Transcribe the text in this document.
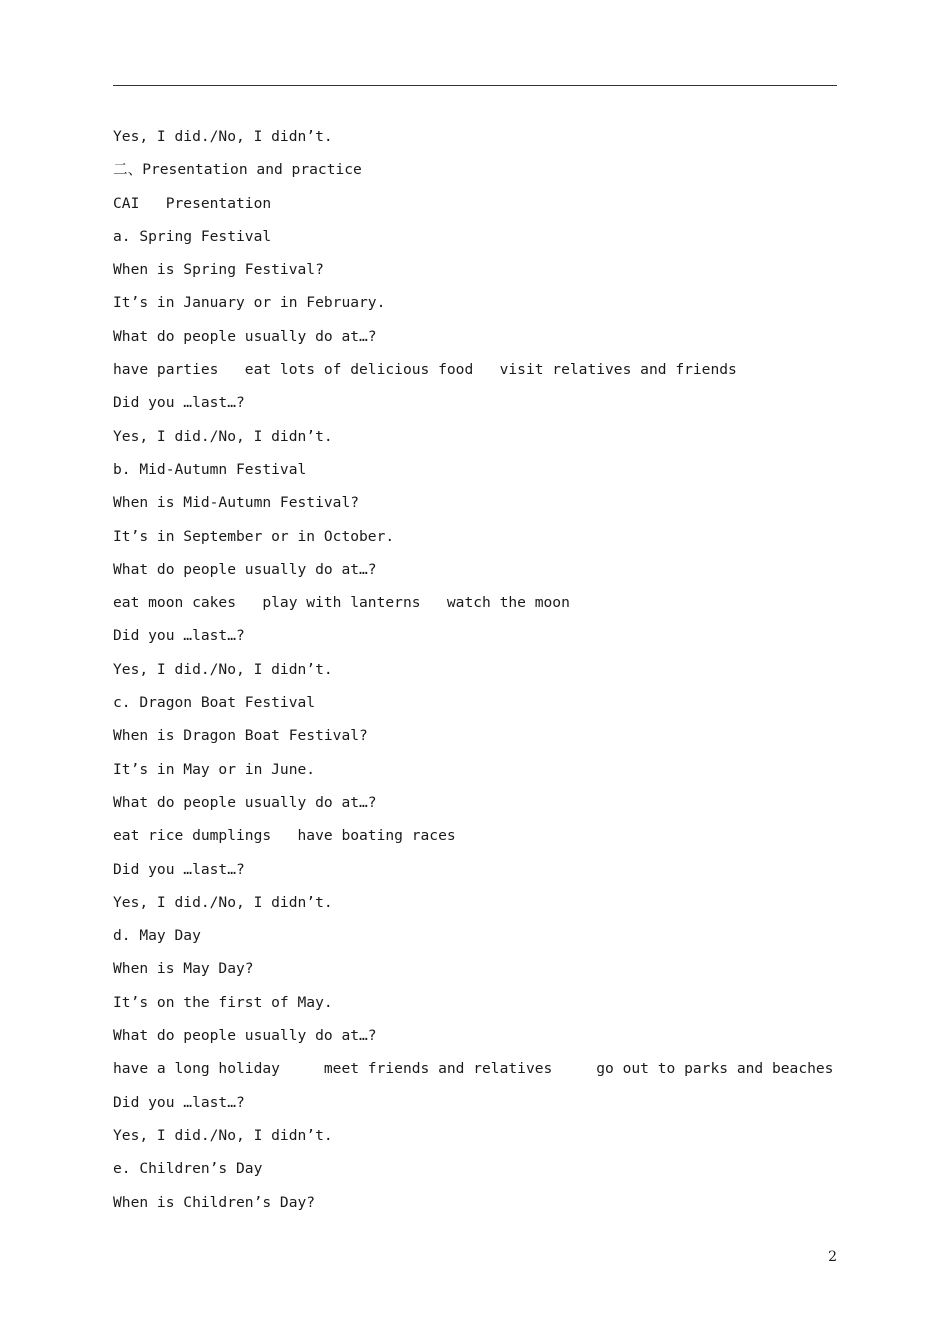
Yes, I did./No, I didn’t.
二、Presentation and practice
CAI   Presentation
a. Spring Festival
When is Spring Festival?
It’s in January or in February.
What do people usually do at…?
have parties   eat lots of delicious food   visit relatives and friends
Did you …last…?
Yes, I did./No, I didn’t.
b. Mid-Autumn Festival
When is Mid-Autumn Festival?
It’s in September or in October.
What do people usually do at…?
eat moon cakes   play with lanterns   watch the moon
Did you …last…?
Yes, I did./No, I didn’t.
c. Dragon Boat Festival
When is Dragon Boat Festival?
It’s in May or in June.
What do people usually do at…?
eat rice dumplings   have boating races
Did you …last…?
Yes, I did./No, I didn’t.
d. May Day
When is May Day?
It’s on the first of May.
What do people usually do at…?
have a long holiday     meet friends and relatives     go out to parks and beaches
Did you …last…?
Yes, I did./No, I didn’t.
e. Children’s Day
When is Children’s Day?
2
